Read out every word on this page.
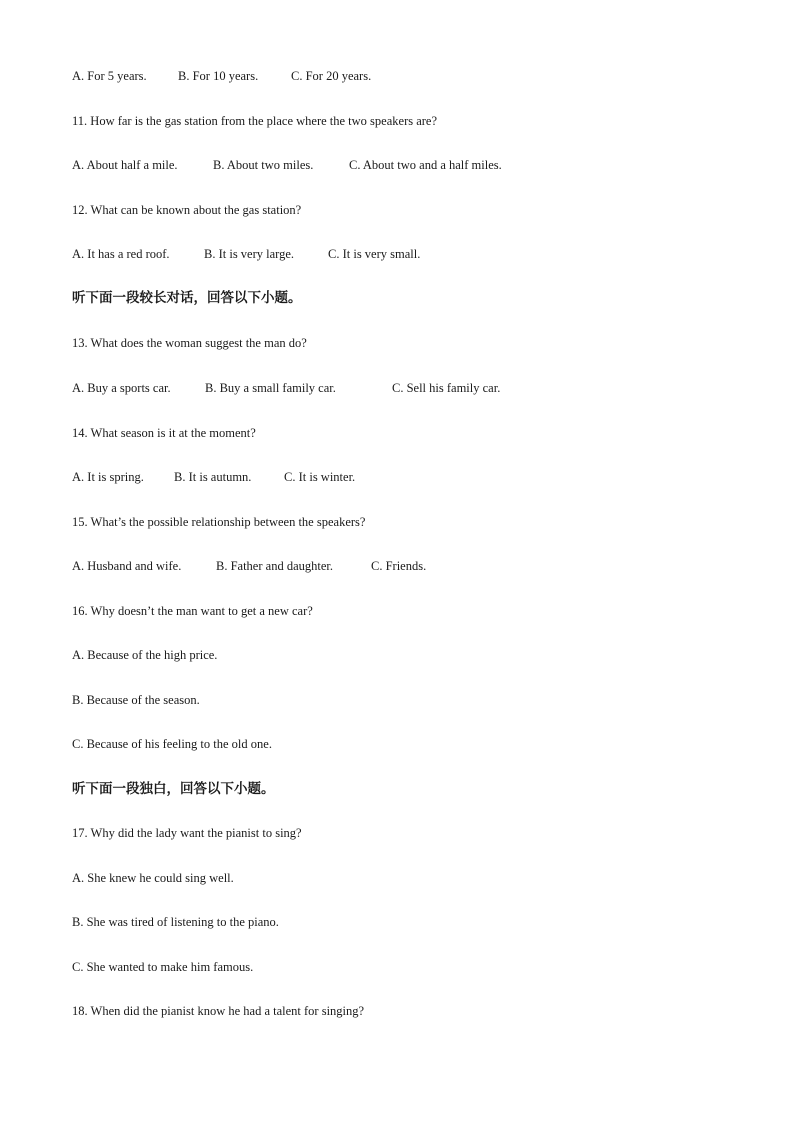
A. For 5 years.	B. For 10 years.	C. For 20 years.
11. How far is the gas station from the place where the two speakers are?
A. About half a mile.	B. About two miles.	C. About two and a half miles.
12. What can be known about the gas station?
A. It has a red roof.	B. It is very large.	C. It is very small.
听下面一段较长对话，回答以下小题。
13. What does the woman suggest the man do?
A. Buy a sports car.	B. Buy a small family car.	C. Sell his family car.
14. What season is it at the moment?
A. It is spring. B. It is autumn.	C. It is winter.
15. What’s the possible relationship between the speakers?
A. Husband and wife.	B. Father and daughter.	C. Friends.
16. Why doesn’t the man want to get a new car?
A. Because of the high price.
B. Because of the season.
C. Because of his feeling to the old one.
听下面一段独白，回答以下小题。
17. Why did the lady want the pianist to sing?
A. She knew he could sing well.
B. She was tired of listening to the piano.
C. She wanted to make him famous.
18. When did the pianist know he had a talent for singing?
